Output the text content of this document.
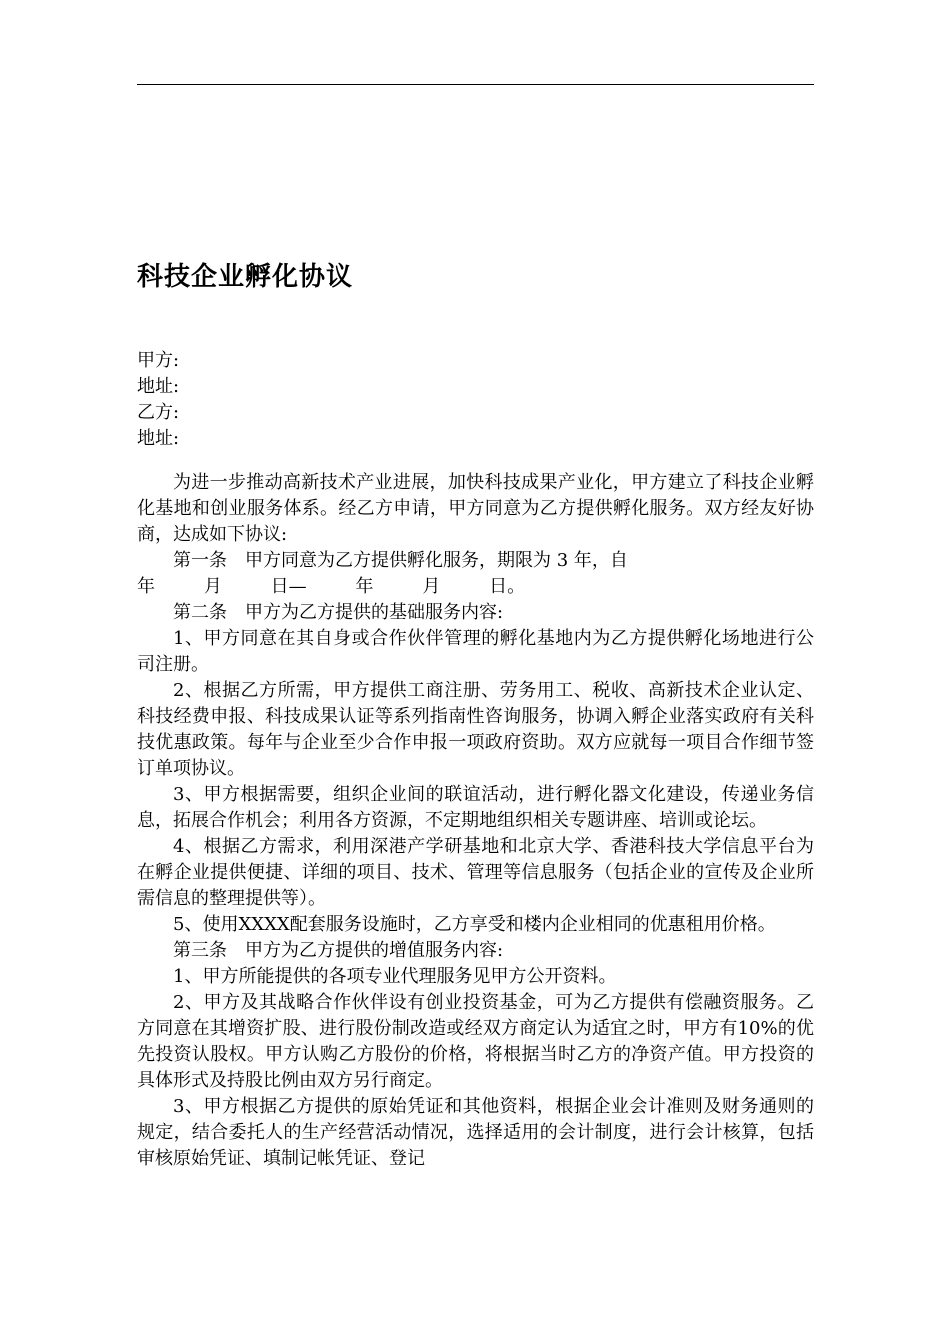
科技企业孵化协议
甲方:
地址:
乙方:
地址:

为进一步推动高新技术产业进展，加快科技成果产业化，甲方建立了科技企业孵化基地和创业服务体系。经乙方申请，甲方同意为乙方提供孵化服务。双方经友好协商，达成如下协议:

第一条　甲方同意为乙方提供孵化服务，期限为 3 年，自

年	月	日—	年	月	日。

第二条　甲方为乙方提供的基础服务内容:

1、甲方同意在其自身或合作伙伴管理的孵化基地内为乙方提供孵化场地进行公司注册。

2、根据乙方所需，甲方提供工商注册、劳务用工、税收、高新技术企业认定、科技经费申报、科技成果认证等系列指南性咨询服务，协调入孵企业落实政府有关科技优惠政策。每年与企业至少合作申报一项政府资助。双方应就每一项目合作细节签订单项协议。

3、甲方根据需要，组织企业间的联谊活动，进行孵化器文化建设，传递业务信息，拓展合作机会；利用各方资源，不定期地组织相关专题讲座、培训或论坛。

4、根据乙方需求，利用深港产学研基地和北京大学、香港科技大学信息平台为在孵企业提供便捷、详细的项目、技术、管理等信息服务（包括企业的宣传及企业所需信息的整理提供等）。

5、使用XXXX配套服务设施时，乙方享受和楼内企业相同的优惠租用价格。

第三条　甲方为乙方提供的增值服务内容:

1、甲方所能提供的各项专业代理服务见甲方公开资料。

2、甲方及其战略合作伙伴设有创业投资基金，可为乙方提供有偿融资服务。乙方同意在其增资扩股、进行股份制改造或经双方商定认为适宜之时，甲方有10%的优先投资认股权。甲方认购乙方股份的价格，将根据当时乙方的净资产值。甲方投资的具体形式及持股比例由双方另行商定。

3、甲方根据乙方提供的原始凭证和其他资料，根据企业会计准则及财务通则的规定，结合委托人的生产经营活动情况，选择适用的会计制度，进行会计核算，包括审核原始凭证、填制记帐凭证、登记
